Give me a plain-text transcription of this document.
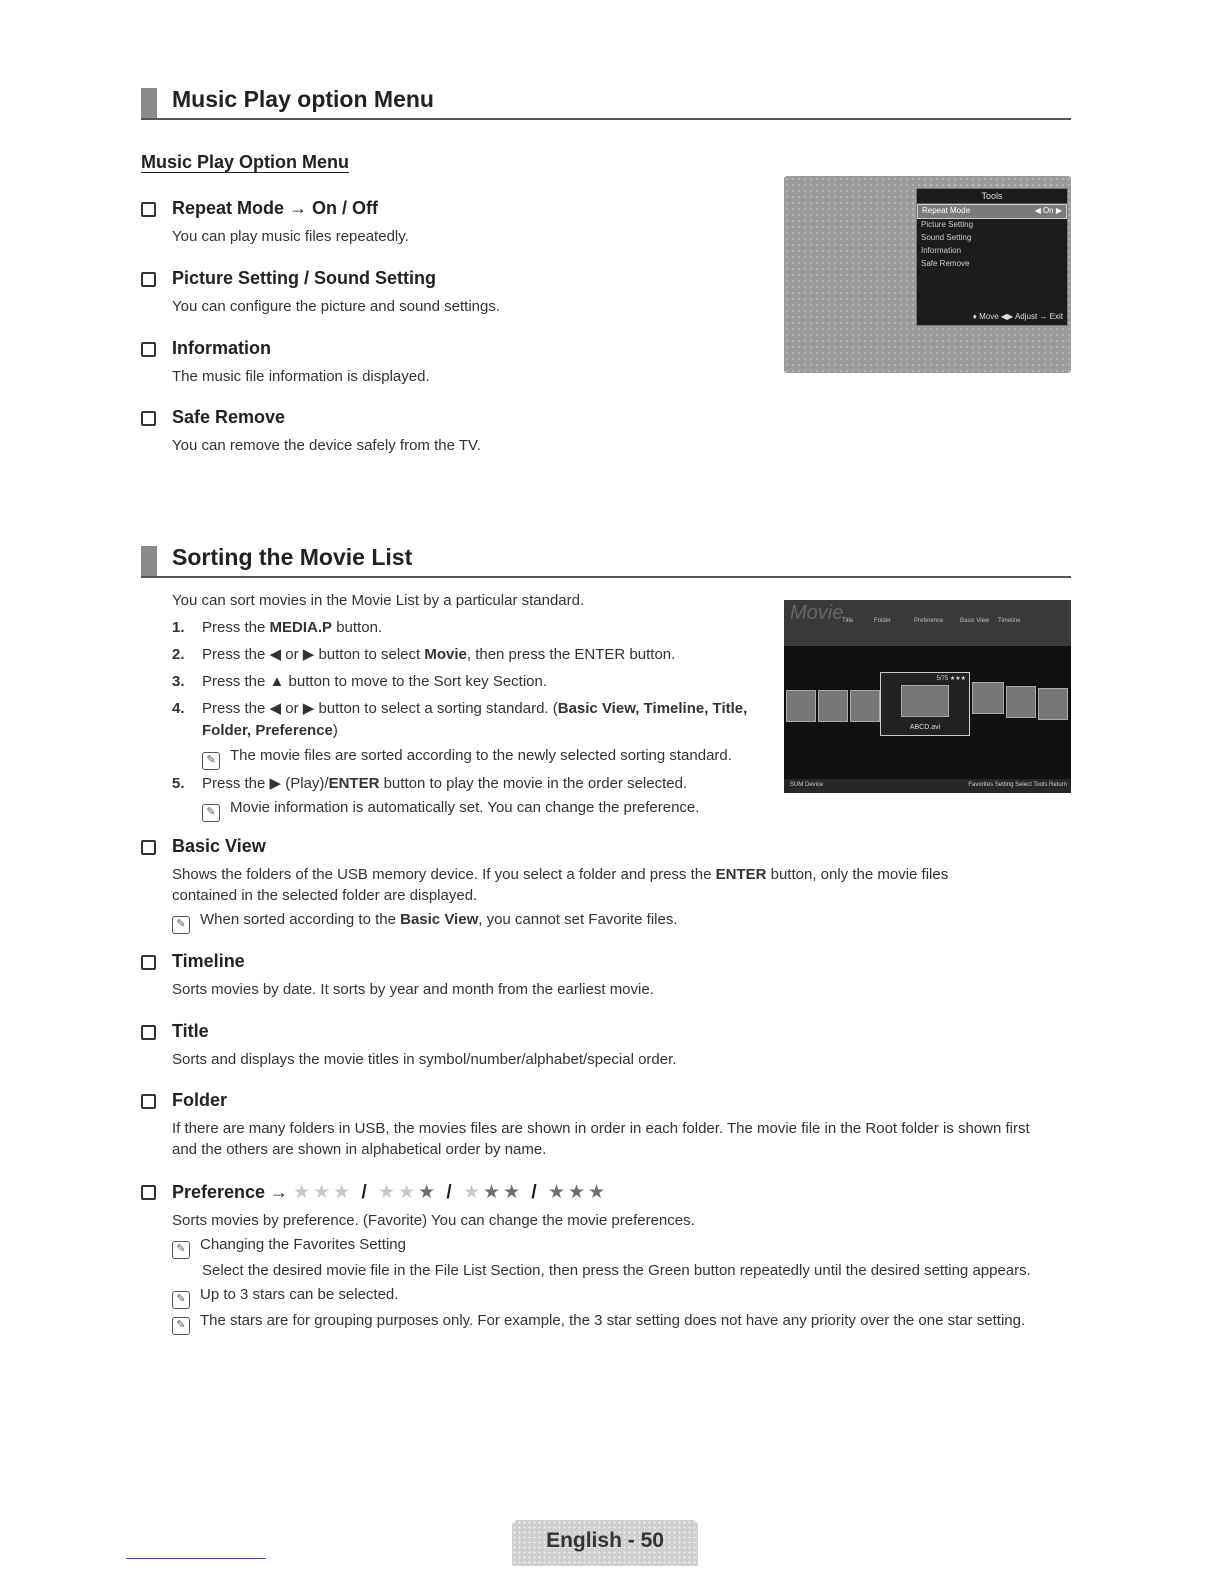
Music Play option Menu
Music Play Option Menu
Repeat Mode → On / Off
You can play music files repeatedly.
Picture Setting / Sound Setting
You can configure the picture and sound settings.
Information
The music file information is displayed.
Safe Remove
You can remove the device safely from the TV.
Tools
Repeat Mode	◀ On ▶
Picture Setting
Sound Setting
Information
Safe Remove
♦ Move ◀▶ Adjust → Exit
Sorting the Movie List
You can sort movies in the Movie List by a particular standard.
1. Press the MEDIA.P button.
2. Press the ◀ or ▶ button to select Movie, then press the ENTER button.
3. Press the ▲ button to move to the Sort key Section.
4. Press the ◀ or ▶ button to select a sorting standard. (Basic View, Timeline, Title, Folder, Preference)
✎ The movie files are sorted according to the newly selected sorting standard.
5. Press the ▶ (Play)/ENTER button to play the movie in the order selected.
✎ Movie information is automatically set. You can change the preference.
Movie
Title	Folder	Preference	Basic View Timeline
5/75 ★★★
ABCD.avi
SUM Device	Favorites Setting Select Tools Return
Basic View
Shows the folders of the USB memory device. If you select a folder and press the ENTER button, only the movie files
contained in the selected folder are displayed.
✎ When sorted according to the Basic View, you cannot set Favorite files.
Timeline
Sorts movies by date. It sorts by year and month from the earliest movie.
Title
Sorts and displays the movie titles in symbol/number/alphabet/special order.
Folder
If there are many folders in USB, the movies files are shown in order in each folder. The movie file in the Root folder is shown first
and the others are shown in alphabetical order by name.
Preference → ★★★ / ★★★ / ★★★ / ★★★
Sorts movies by preference. (Favorite) You can change the movie preferences.
✎ Changing the Favorites Setting
Select the desired movie file in the File List Section, then press the Green button repeatedly until the desired setting appears.
✎ Up to 3 stars can be selected.
✎ The stars are for grouping purposes only. For example, the 3 star setting does not have any priority over the one star setting.
English - 50
